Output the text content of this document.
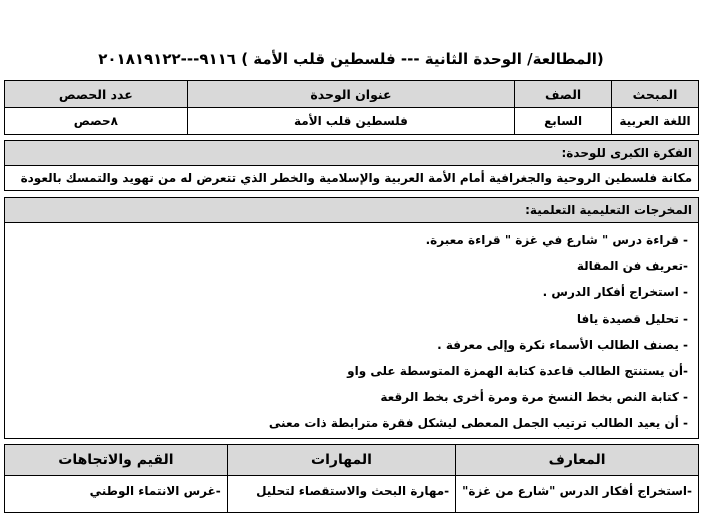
(المطالعة/ الوحدة الثانية --- فلسطين قلب الأمة ) ٩١١٦---٢٠١٨١٩١٢٢
المبحث	الصف	عنوان الوحدة	عدد الحصص
اللغة العربية	السابع	فلسطين قلب الأمة	٨حصص
الفكرة الكبرى للوحدة:
مكانة فلسطين الروحية والجغرافية أمام الأمة العربية والإسلامية والخطر الذي تتعرض له من تهويد والتمسك بالعودة
المخرجات التعليمية التعلمية:
- قراءة درس " شارع في غزة " قراءة معبرة.
-تعريف فن المقالة
- استخراج أفكار الدرس .
- تحليل قصيدة يافا
- يصنف الطالب الأسماء نكرة وإلى معرفة .
-أن يستنتج الطالب قاعدة كتابة الهمزة المتوسطة على واو
- كتابة النص بخط النسخ مرة ومرة أخرى بخط الرقعة
- أن يعيد الطالب ترتيب الجمل المعطى ليشكل فقرة مترابطة ذات معنى
المعارف	المهارات	القيم والاتجاهات
-استخراج أفكار الدرس "شارع من غزة"	-مهارة البحث والاستقصاء لتحليل	-غرس الانتماء الوطني
